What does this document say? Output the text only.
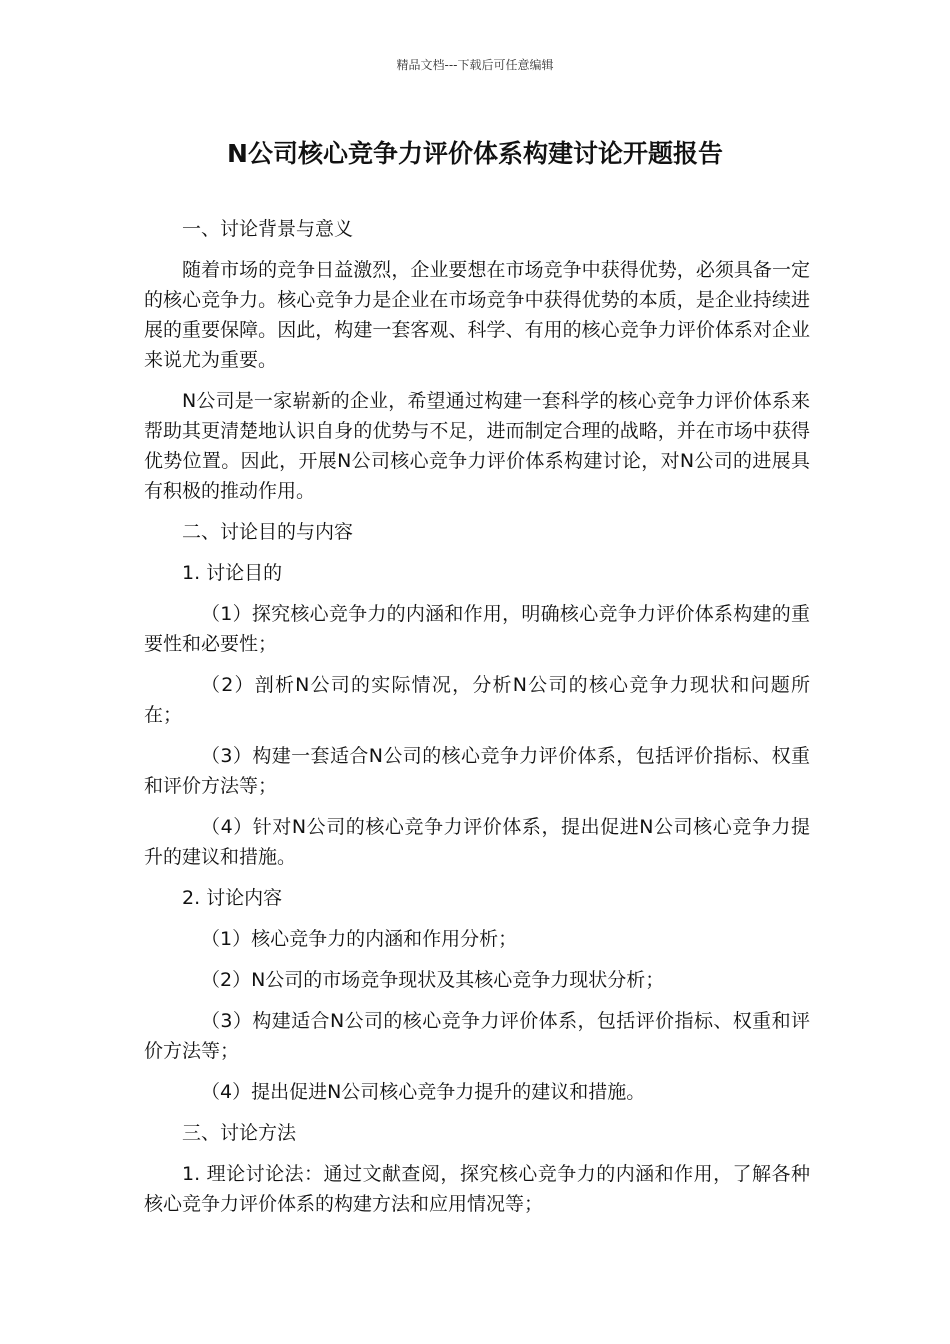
精品文档---下载后可任意编辑
N公司核心竞争力评价体系构建讨论开题报告

一、讨论背景与意义

随着市场的竞争日益激烈，企业要想在市场竞争中获得优势，必须具备一定的核心竞争力。核心竞争力是企业在市场竞争中获得优势的本质，是企业持续进展的重要保障。因此，构建一套客观、科学、有用的核心竞争力评价体系对企业来说尤为重要。

N公司是一家崭新的企业，希望通过构建一套科学的核心竞争力评价体系来帮助其更清楚地认识自身的优势与不足，进而制定合理的战略，并在市场中获得优势位置。因此，开展N公司核心竞争力评价体系构建讨论，对N公司的进展具有积极的推动作用。

二、讨论目的与内容

1. 讨论目的

（1）探究核心竞争力的内涵和作用，明确核心竞争力评价体系构建的重要性和必要性；

（2）剖析N公司的实际情况，分析N公司的核心竞争力现状和问题所在；

（3）构建一套适合N公司的核心竞争力评价体系，包括评价指标、权重和评价方法等；

（4）针对N公司的核心竞争力评价体系，提出促进N公司核心竞争力提升的建议和措施。

2. 讨论内容

（1）核心竞争力的内涵和作用分析；

（2）N公司的市场竞争现状及其核心竞争力现状分析；

（3）构建适合N公司的核心竞争力评价体系，包括评价指标、权重和评价方法等；

（4）提出促进N公司核心竞争力提升的建议和措施。

三、讨论方法

1. 理论讨论法：通过文献查阅，探究核心竞争力的内涵和作用，了解各种核心竞争力评价体系的构建方法和应用情况等；
